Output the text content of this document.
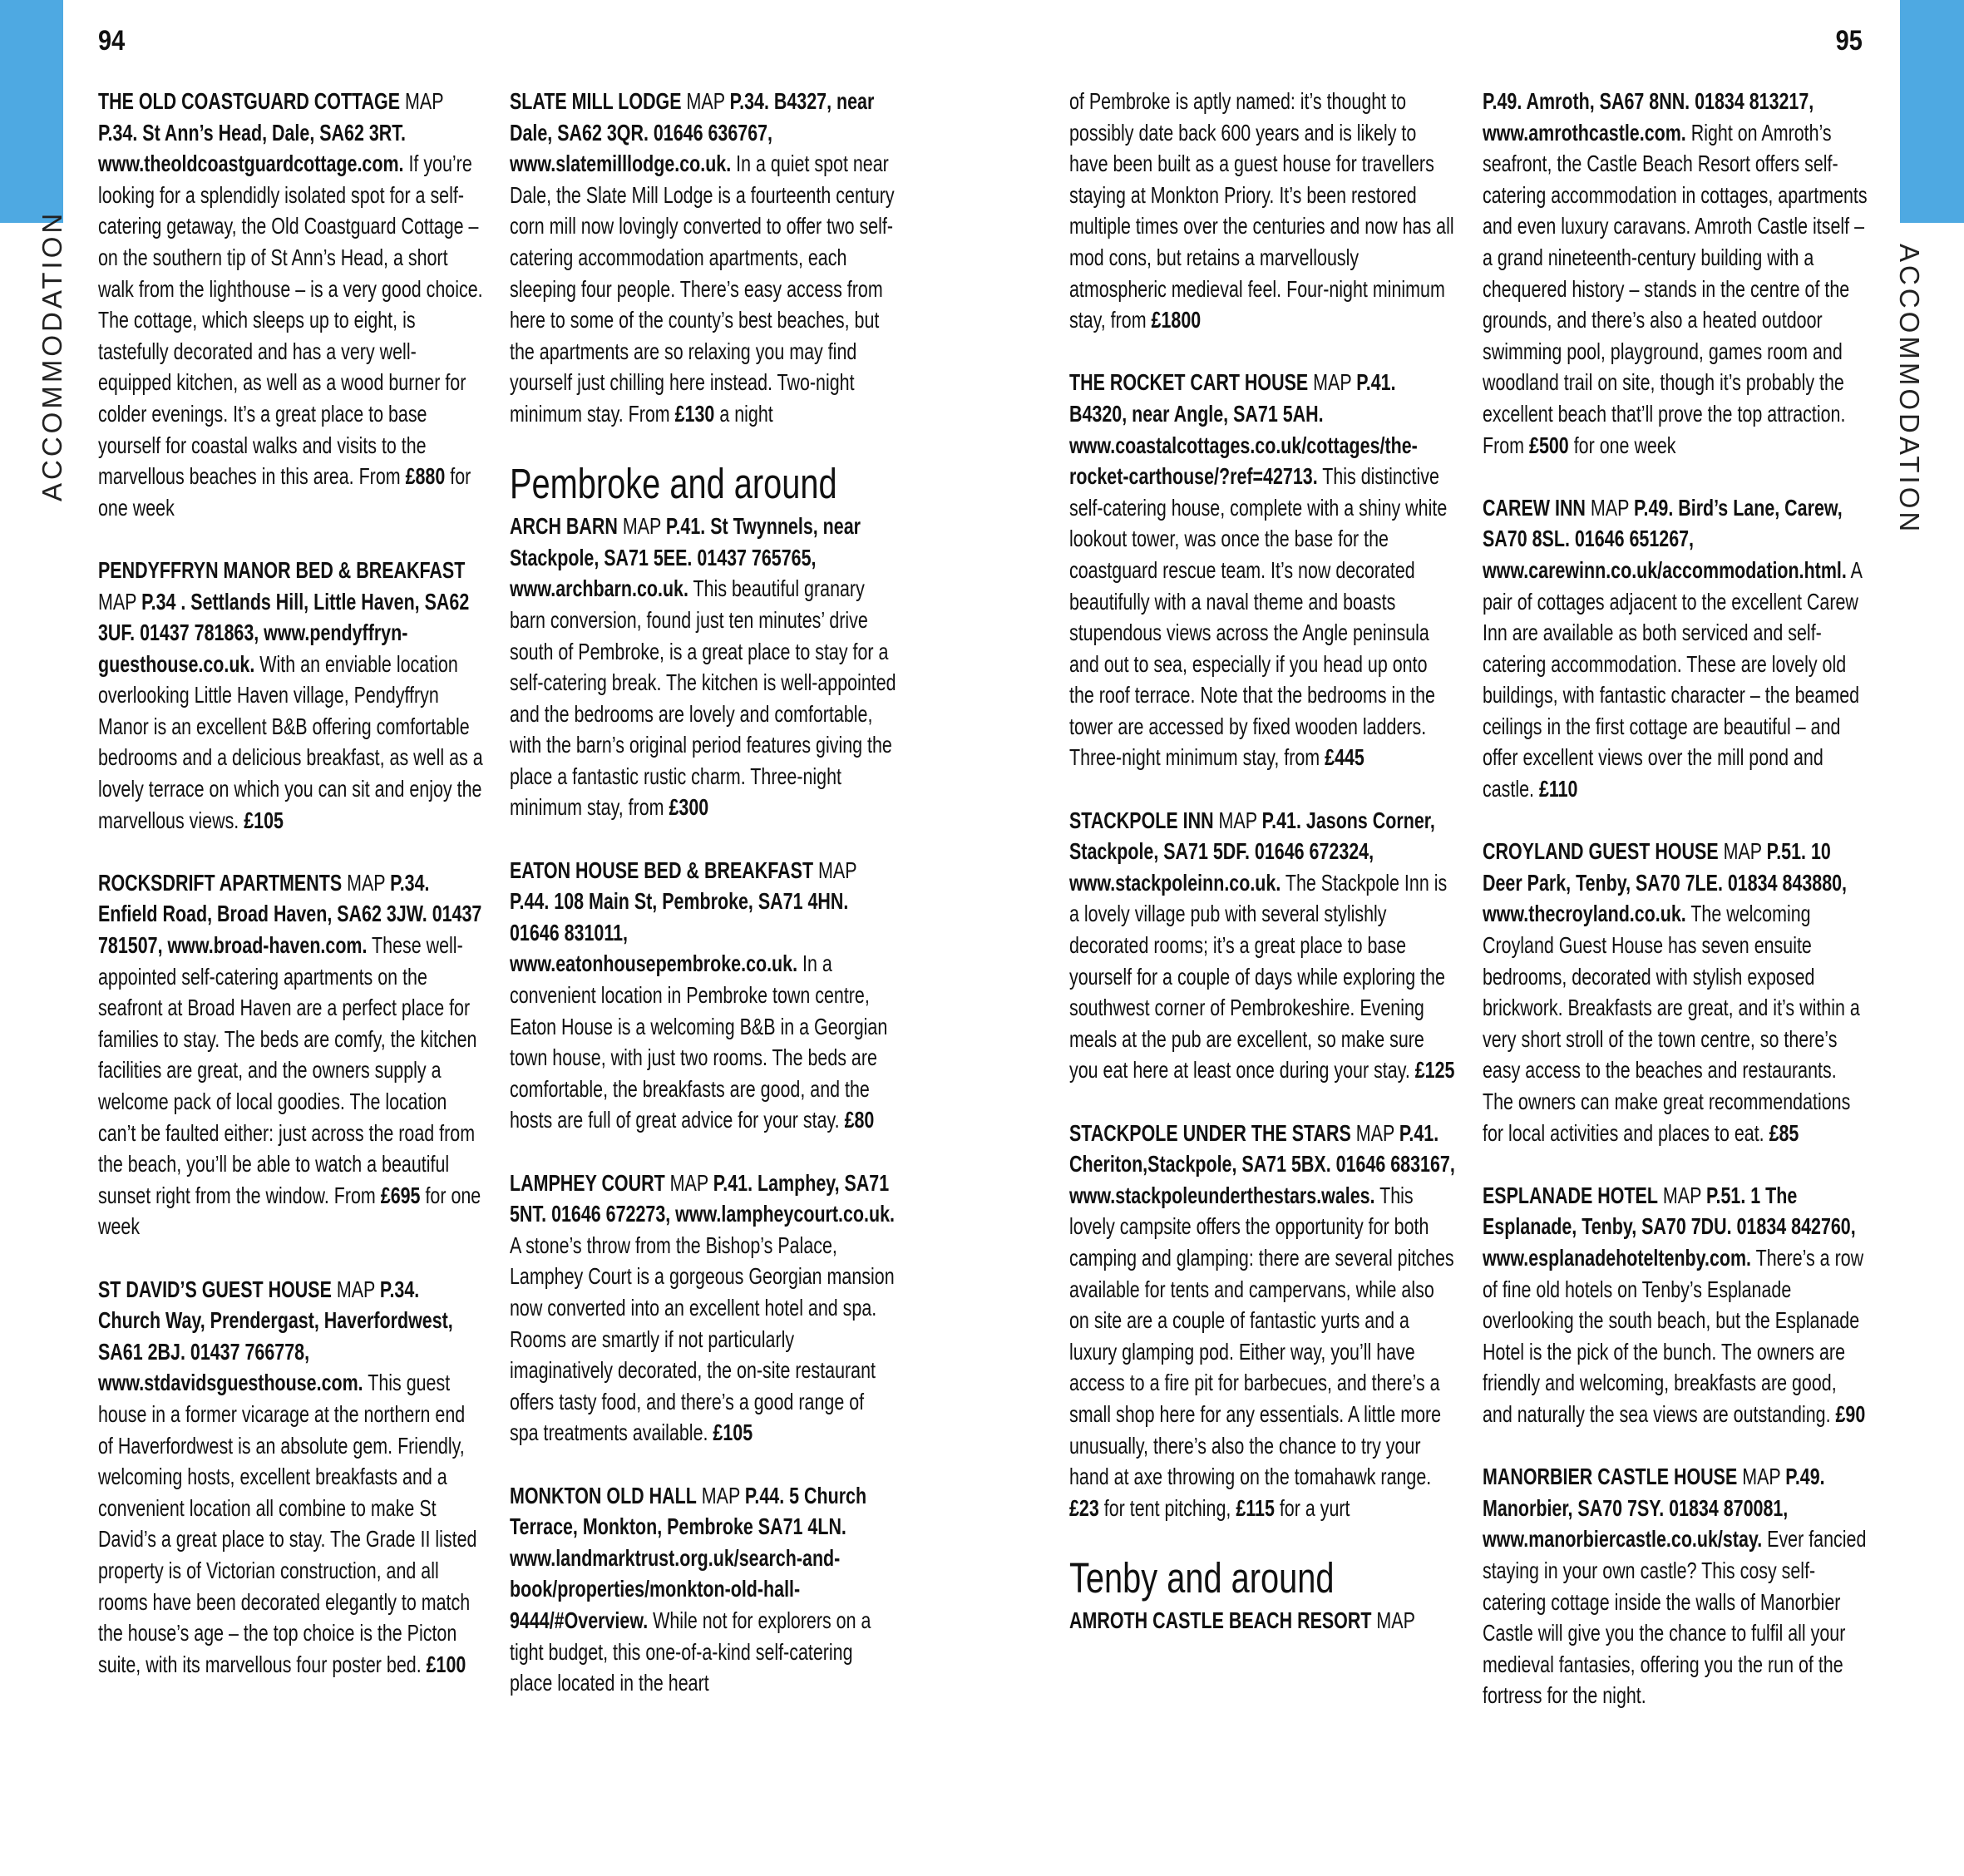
94	95
ACCOMMODATION	ACCOMMODATION

THE OLD COASTGUARD COTTAGE MAP P.34. St Ann’s Head, Dale, SA62 3RT. www.theoldcoastguardcottage.com. If you’re looking for a splendidly isolated spot for a self-catering getaway, the Old Coastguard Cottage – on the southern tip of St Ann’s Head, a short walk from the lighthouse – is a very good choice. The cottage, which sleeps up to eight, is tastefully decorated and has a very well-equipped kitchen, as well as a wood burner for colder evenings. It’s a great place to base yourself for coastal walks and visits to the marvellous beaches in this area. From £880 for one week

PENDYFFRYN MANOR BED & BREAKFAST MAP P.34 . Settlands Hill, Little Haven, SA62 3UF. 01437 781863, www.pendyffryn-guesthouse.co.uk. With an enviable location overlooking Little Haven village, Pendyffryn Manor is an excellent B&B offering comfortable bedrooms and a delicious breakfast, as well as a lovely terrace on which you can sit and enjoy the marvellous views. £105

ROCKSDRIFT APARTMENTS MAP P.34. Enfield Road, Broad Haven, SA62 3JW. 01437 781507, www.broad-haven.com. These well-appointed self-catering apartments on the seafront at Broad Haven are a perfect place for families to stay. The beds are comfy, the kitchen facilities are great, and the owners supply a welcome pack of local goodies. The location can’t be faulted either: just across the road from the beach, you’ll be able to watch a beautiful sunset right from the window. From £695 for one week

ST DAVID’S GUEST HOUSE MAP P.34. Church Way, Prendergast, Haverfordwest, SA61 2BJ. 01437 766778, www.stdavidsguesthouse.com. This guest house in a former vicarage at the northern end of Haverfordwest is an absolute gem. Friendly, welcoming hosts, excellent breakfasts and a convenient location all combine to make St David’s a great place to stay. The Grade II listed property is of Victorian construction, and all rooms have been decorated elegantly to match the house’s age – the top choice is the Picton suite, with its marvellous four poster bed. £100

SLATE MILL LODGE MAP P.34. B4327, near Dale, SA62 3QR. 01646 636767, www.slatemilllodge.co.uk. In a quiet spot near Dale, the Slate Mill Lodge is a fourteenth century corn mill now lovingly converted to offer two self-catering accommodation apartments, each sleeping four people. There’s easy access from here to some of the county’s best beaches, but the apartments are so relaxing you may find yourself just chilling here instead. Two-night minimum stay. From £130 a night

Pembroke and around

ARCH BARN MAP P.41. St Twynnels, near Stackpole, SA71 5EE. 01437 765765, www.archbarn.co.uk. This beautiful granary barn conversion, found just ten minutes’ drive south of Pembroke, is a great place to stay for a self-catering break. The kitchen is well-appointed and the bedrooms are lovely and comfortable, with the barn’s original period features giving the place a fantastic rustic charm. Three-night minimum stay, from £300

EATON HOUSE BED & BREAKFAST MAP P.44. 108 Main St, Pembroke, SA71 4HN. 01646 831011, www.eatonhousepembroke.co.uk. In a convenient location in Pembroke town centre, Eaton House is a welcoming B&B in a Georgian town house, with just two rooms. The beds are comfortable, the breakfasts are good, and the hosts are full of great advice for your stay. £80

LAMPHEY COURT MAP P.41. Lamphey, SA71 5NT. 01646 672273, www.lampheycourt.co.uk. A stone’s throw from the Bishop’s Palace, Lamphey Court is a gorgeous Georgian mansion now converted into an excellent hotel and spa. Rooms are smartly if not particularly imaginatively decorated, the on-site restaurant offers tasty food, and there’s a good range of spa treatments available. £105

MONKTON OLD HALL MAP P.44. 5 Church Terrace, Monkton, Pembroke SA71 4LN. www.landmarktrust.org.uk/search-and-book/properties/monkton-old-hall-9444/#Overview. While not for explorers on a tight budget, this one-of-a-kind self-catering place located in the heart

of Pembroke is aptly named: it’s thought to possibly date back 600 years and is likely to have been built as a guest house for travellers staying at Monkton Priory. It’s been restored multiple times over the centuries and now has all mod cons, but retains a marvellously atmospheric medieval feel. Four-night minimum stay, from £1800

THE ROCKET CART HOUSE MAP P.41. B4320, near Angle, SA71 5AH. www.coastalcottages.co.uk/cottages/the-rocket-carthouse/?ref=42713. This distinctive self-catering house, complete with a shiny white lookout tower, was once the base for the coastguard rescue team. It’s now decorated beautifully with a naval theme and boasts stupendous views across the Angle peninsula and out to sea, especially if you head up onto the roof terrace. Note that the bedrooms in the tower are accessed by fixed wooden ladders. Three-night minimum stay, from £445

STACKPOLE INN MAP P.41. Jasons Corner, Stackpole, SA71 5DF. 01646 672324, www.stackpoleinn.co.uk. The Stackpole Inn is a lovely village pub with several stylishly decorated rooms; it’s a great place to base yourself for a couple of days while exploring the southwest corner of Pembrokeshire. Evening meals at the pub are excellent, so make sure you eat here at least once during your stay. £125

STACKPOLE UNDER THE STARS MAP P.41. Cheriton,Stackpole, SA71 5BX. 01646 683167, www.stackpoleunderthestars.wales. This lovely campsite offers the opportunity for both camping and glamping: there are several pitches available for tents and campervans, while also on site are a couple of fantastic yurts and a luxury glamping pod. Either way, you’ll have access to a fire pit for barbecues, and there’s a small shop here for any essentials. A little more unusually, there’s also the chance to try your hand at axe throwing on the tomahawk range. £23 for tent pitching, £115 for a yurt

Tenby and around

AMROTH CASTLE BEACH RESORT MAP

P.49. Amroth, SA67 8NN. 01834 813217, www.amrothcastle.com. Right on Amroth’s seafront, the Castle Beach Resort offers self-catering accommodation in cottages, apartments and even luxury caravans. Amroth Castle itself – a grand nineteenth-century building with a chequered history – stands in the centre of the grounds, and there’s also a heated outdoor swimming pool, playground, games room and woodland trail on site, though it’s probably the excellent beach that’ll prove the top attraction. From £500 for one week

CAREW INN MAP P.49. Bird’s Lane, Carew, SA70 8SL. 01646 651267, www.carewinn.co.uk/accommodation.html. A pair of cottages adjacent to the excellent Carew Inn are available as both serviced and self-catering accommodation. These are lovely old buildings, with fantastic character – the beamed ceilings in the first cottage are beautiful – and offer excellent views over the mill pond and castle. £110

CROYLAND GUEST HOUSE MAP P.51. 10 Deer Park, Tenby, SA70 7LE. 01834 843880, www.thecroyland.co.uk. The welcoming Croyland Guest House has seven ensuite bedrooms, decorated with stylish exposed brickwork. Breakfasts are great, and it’s within a very short stroll of the town centre, so there’s easy access to the beaches and restaurants. The owners can make great recommendations for local activities and places to eat. £85

ESPLANADE HOTEL MAP P.51. 1 The Esplanade, Tenby, SA70 7DU. 01834 842760, www.esplanadehoteltenby.com. There’s a row of fine old hotels on Tenby’s Esplanade overlooking the south beach, but the Esplanade Hotel is the pick of the bunch. The owners are friendly and welcoming, breakfasts are good, and naturally the sea views are outstanding. £90

MANORBIER CASTLE HOUSE MAP P.49. Manorbier, SA70 7SY. 01834 870081, www.manorbiercastle.co.uk/stay. Ever fancied staying in your own castle? This cosy self-catering cottage inside the walls of Manorbier Castle will give you the chance to fulfil all your medieval fantasies, offering you the run of the fortress for the night.
